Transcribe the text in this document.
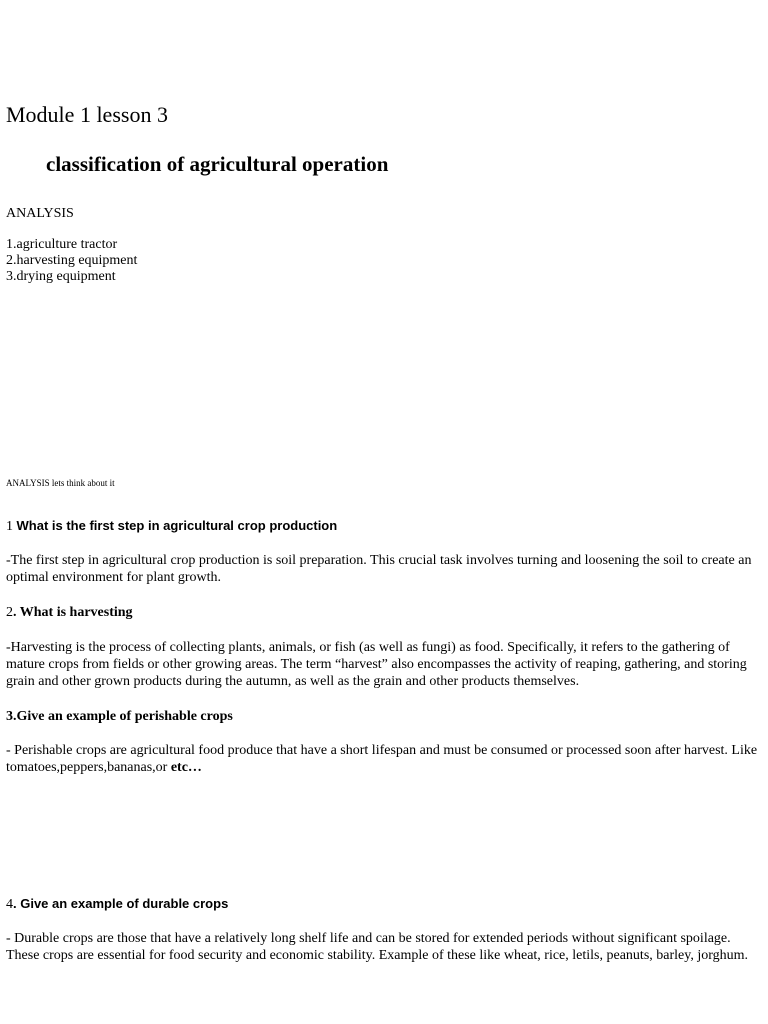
Module 1 lesson 3
classification of agricultural operation
ANALYSIS
1.agriculture tractor
2.harvesting equipment
3.drying equipment
ANALYSIS lets think about it
1 What is the first step in agricultural crop production
-The first step in agricultural crop production is soil preparation. This crucial task involves turning and loosening the soil to create an optimal environment for plant growth.
2. What is harvesting
-Harvesting is the process of collecting plants, animals, or fish (as well as fungi) as food. Specifically, it refers to the gathering of mature crops from fields or other growing areas. The term “harvest” also encompasses the activity of reaping, gathering, and storing grain and other grown products during the autumn, as well as the grain and other products themselves.
3.Give an example of perishable crops
- Perishable crops are agricultural food produce that have a short lifespan and must be consumed or processed soon after harvest. Like tomatoes,peppers,bananas,or etc…
4. Give an example of durable crops
- Durable crops are those that have a relatively long shelf life and can be stored for extended periods without significant spoilage. These crops are essential for food security and economic stability. Example of these like wheat, rice, letils, peanuts, barley, jorghum.
